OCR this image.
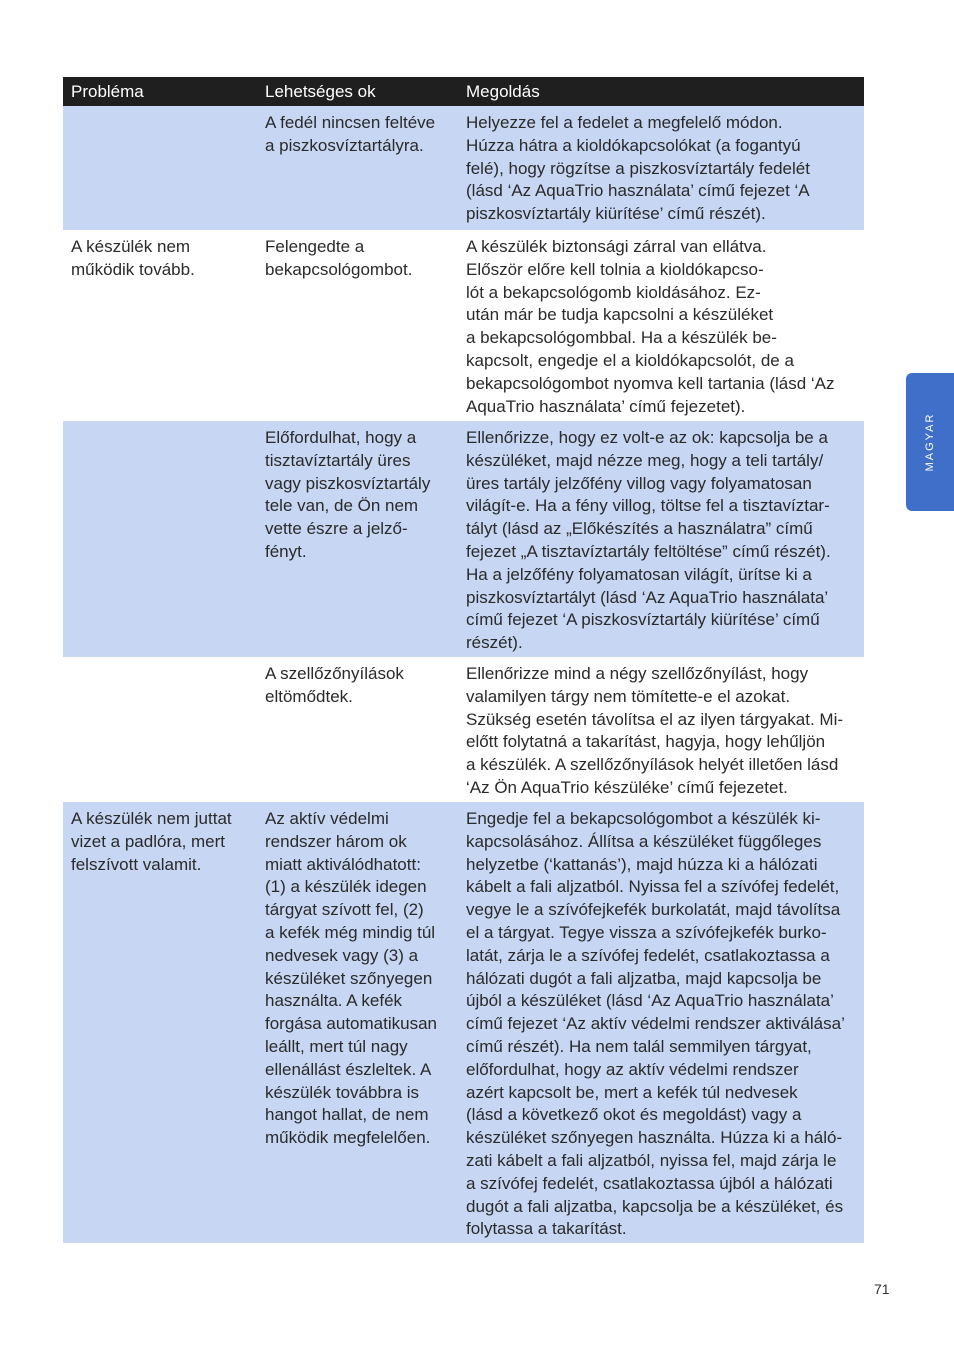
Probléma	Lehetséges ok	Megoldás
A fedél nincsen feltéve
a piszkosvíztartályra.
Helyezze fel a fedelet a megfelelő módon.
Húzza hátra a kioldókapcsolókat (a fogantyú
felé), hogy rögzítse a piszkosvíztartály fedelét
(lásd ‘Az AquaTrio használata’ című fejezet ‘A
piszkosvíztartály kiürítése’ című részét).
A készülék nem
működik tovább.
Felengedte a
bekapcsológombot.
A készülék biztonsági zárral van ellátva.
Először előre kell tolnia a kioldókapcso-
lót a bekapcsológomb kioldásához. Ez-
után már be tudja kapcsolni a készüléket
a bekapcsológombbal. Ha a készülék be-
kapcsolt, engedje el a kioldókapcsolót, de a
bekapcsológombot nyomva kell tartania (lásd ‘Az
AquaTrio használata’ című fejezetet).
Előfordulhat, hogy a
tisztavíztartály üres
vagy piszkosvíztartály
tele van, de Ön nem
vette észre a jelző-
fényt.
Ellenőrizze, hogy ez volt-e az ok: kapcsolja be a
készüléket, majd nézze meg, hogy a teli tartály/
üres tartály jelzőfény villog vagy folyamatosan
világít-e. Ha a fény villog, töltse fel a tisztavíztar-
tályt (lásd az „Előkészítés a használatra” című
fejezet „A tisztavíztartály feltöltése” című részét).
Ha a jelzőfény folyamatosan világít, ürítse ki a
piszkosvíztartályt (lásd ‘Az AquaTrio használata’
című fejezet ‘A piszkosvíztartály kiürítése’ című
részét).
A szellőzőnyílások
eltömődtek.
Ellenőrizze mind a négy szellőzőnyílást, hogy
valamilyen tárgy nem tömítette-e el azokat.
Szükség esetén távolítsa el az ilyen tárgyakat. Mi-
előtt folytatná a takarítást, hagyja, hogy lehűljön
a készülék. A szellőzőnyílások helyét illetően lásd
‘Az Ön AquaTrio készüléke’ című fejezetet.
A készülék nem juttat
vizet a padlóra, mert
felszívott valamit.
Az aktív védelmi
rendszer három ok
miatt aktiválódhatott:
(1) a készülék idegen
tárgyat szívott fel, (2)
a kefék még mindig túl
nedvesek vagy (3) a
készüléket szőnyegen
használta. A kefék
forgása automatikusan
leállt, mert túl nagy
ellenállást észleltek. A
készülék továbbra is
hangot hallat, de nem
működik megfelelően.
Engedje fel a bekapcsológombot a készülék ki-
kapcsolásához. Állítsa a készüléket függőleges
helyzetbe (‘kattanás’), majd húzza ki a hálózati
kábelt a fali aljzatból. Nyissa fel a szívófej fedelét,
vegye le a szívófejkefék burkolatát, majd távolítsa
el a tárgyat. Tegye vissza a szívófejkefék burko-
latát, zárja le a szívófej fedelét, csatlakoztassa a
hálózati dugót a fali aljzatba, majd kapcsolja be
újból a készüléket (lásd ‘Az AquaTrio használata’
című fejezet ‘Az aktív védelmi rendszer aktiválása’
című részét). Ha nem talál semmilyen tárgyat,
előfordulhat, hogy az aktív védelmi rendszer
azért kapcsolt be, mert a kefék túl nedvesek
(lásd a következő okot és megoldást) vagy a
készüléket szőnyegen használta. Húzza ki a háló-
zati kábelt a fali aljzatból, nyissa fel, majd zárja le
a szívófej fedelét, csatlakoztassa újból a hálózati
dugót a fali aljzatba, kapcsolja be a készüléket, és
folytassa a takarítást.
MAGYAR
71
